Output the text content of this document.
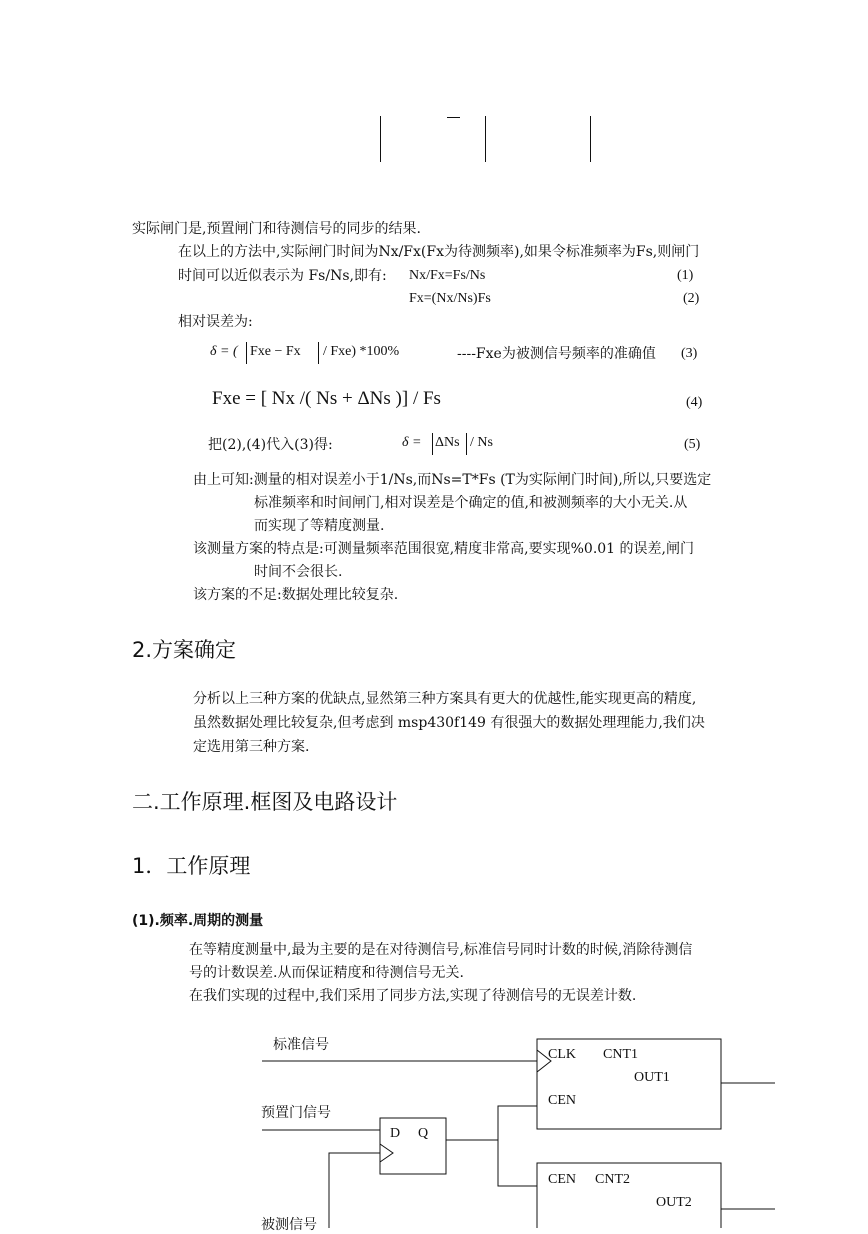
实际闸门是,预置闸门和待测信号的同步的结果.
在以上的方法中,实际闸门时间为Nx/Fx(Fx为待测频率),如果令标准频率为Fs,则闸门
时间可以近似表示为 Fs/Ns,即有: Nx/Fx=Fs/Ns	(1)
Fx=(Nx/Ns)Fs	(2)
相对误差为:
δ = ( Fxe − Fx / Fxe) *100%	----Fxe为被测信号频率的准确值 (3)
Fxe = [ Nx /( Ns + ΔNs )] / Fs	(4)
把(2),(4)代入(3)得:	δ = ΔNs / Ns	(5)
由上可知:测量的相对误差小于1/Ns,而Ns=T*Fs (T为实际闸门时间),所以,只要选定
标准频率和时间闸门,相对误差是个确定的值,和被测频率的大小无关.从
而实现了等精度测量.
该测量方案的特点是:可测量频率范围很宽,精度非常高,要实现%0.01 的误差,闸门
时间不会很长.
该方案的不足:数据处理比较复杂.
2.方案确定
分析以上三种方案的优缺点,显然第三种方案具有更大的优越性,能实现更高的精度,
虽然数据处理比较复杂,但考虑到 msp430f149 有很强大的数据处理理能力,我们决
定选用第三种方案.
二.工作原理.框图及电路设计
1．工作原理
(1).频率.周期的测量
在等精度测量中,最为主要的是在对待测信号,标准信号同时计数的时候,消除待测信
号的计数误差.从而保证精度和待测信号无关.
在我们实现的过程中,我们采用了同步方法,实现了待测信号的无误差计数.
标准信号
预置门信号
被测信号
D Q
CLK CNT1
OUT1
CEN
CEN CNT2
OUT2
